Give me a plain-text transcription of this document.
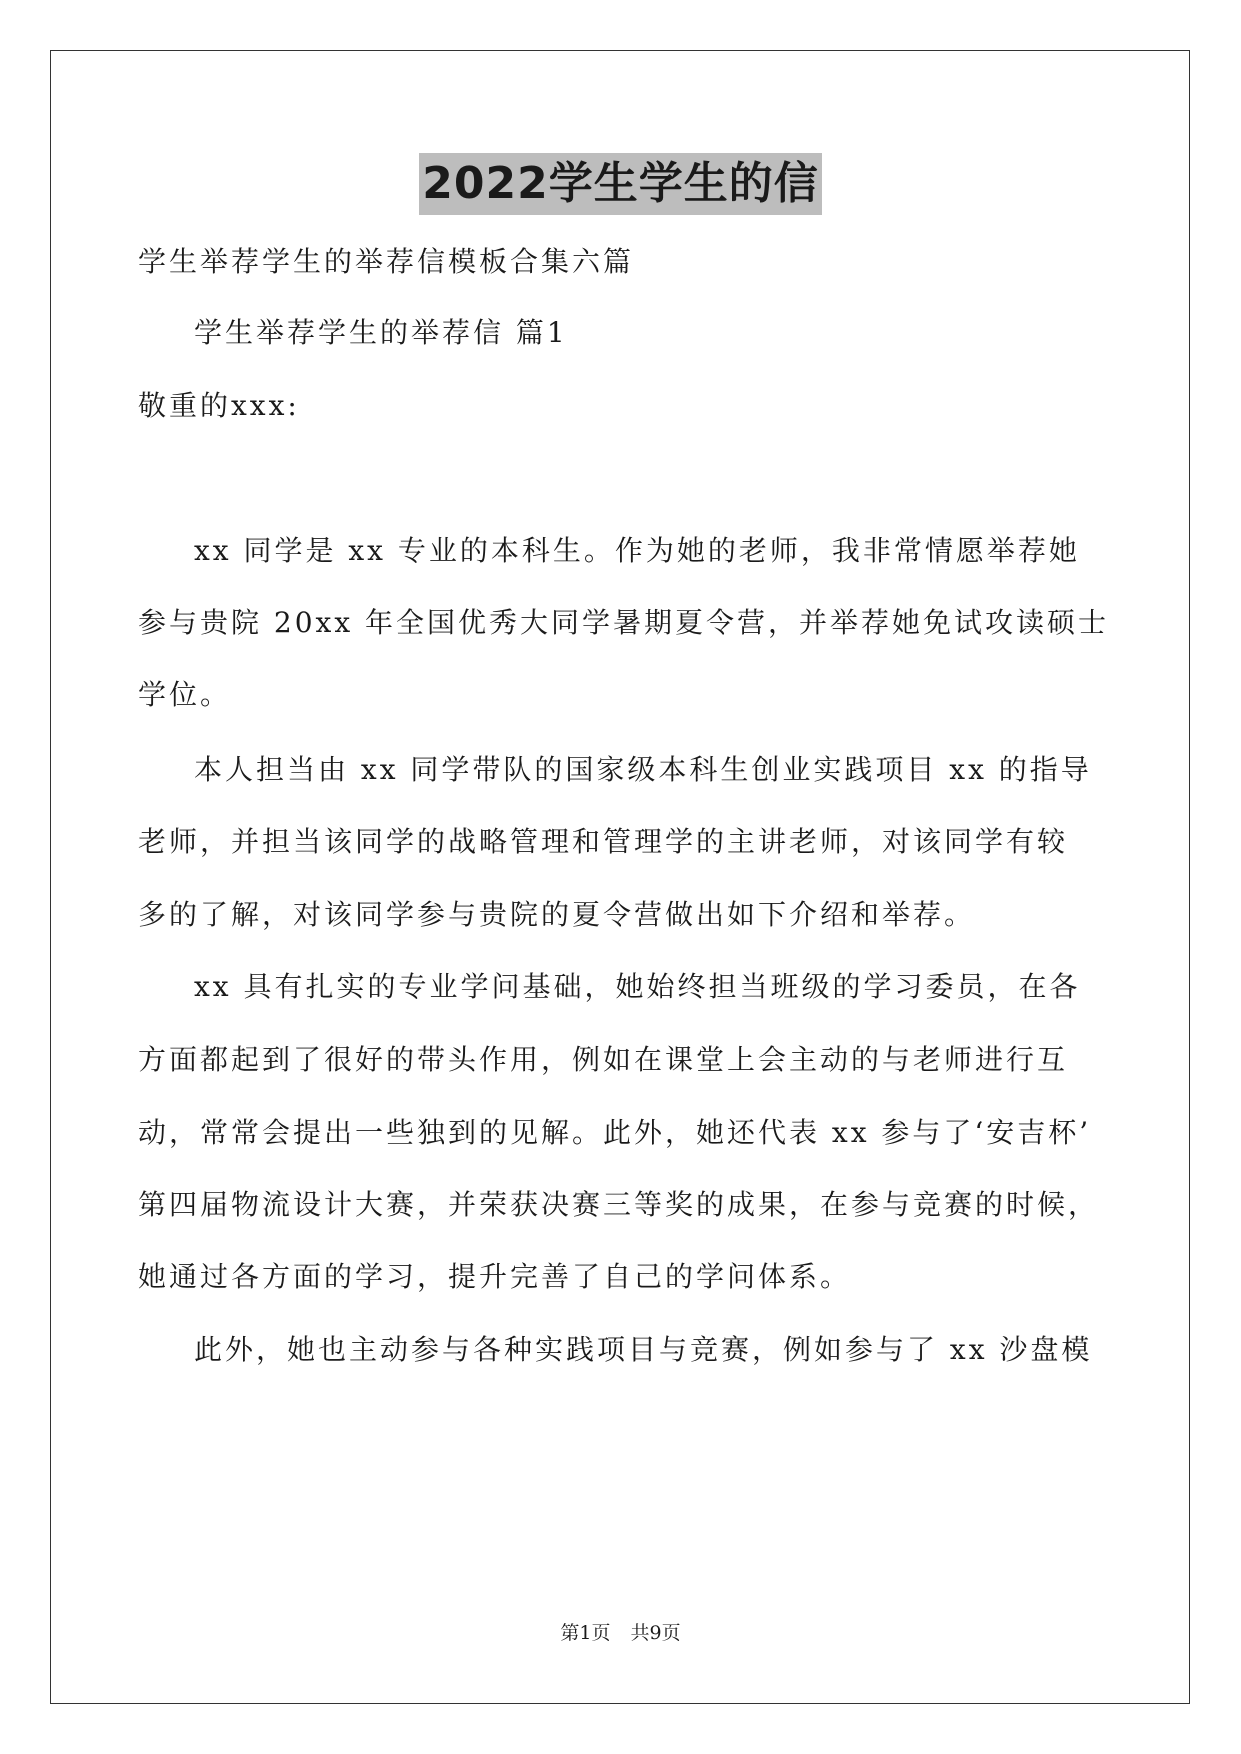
2022学生学生的信
学生举荐学生的举荐信模板合集六篇
学生举荐学生的举荐信 篇1
敬重的xxx:
xx 同学是 xx 专业的本科生。作为她的老师，我非常情愿举荐她
参与贵院 20xx 年全国优秀大同学暑期夏令营，并举荐她免试攻读硕士
学位。
本人担当由 xx 同学带队的国家级本科生创业实践项目 xx 的指导
老师，并担当该同学的战略管理和管理学的主讲老师，对该同学有较
多的了解，对该同学参与贵院的夏令营做出如下介绍和举荐。
xx 具有扎实的专业学问基础，她始终担当班级的学习委员，在各
方面都起到了很好的带头作用，例如在课堂上会主动的与老师进行互
动，常常会提出一些独到的见解。此外，她还代表 xx 参与了‘安吉杯’
第四届物流设计大赛，并荣获决赛三等奖的成果，在参与竞赛的时候，
她通过各方面的学习，提升完善了自己的学问体系。
此外，她也主动参与各种实践项目与竞赛，例如参与了 xx 沙盘模
第1页 共9页
